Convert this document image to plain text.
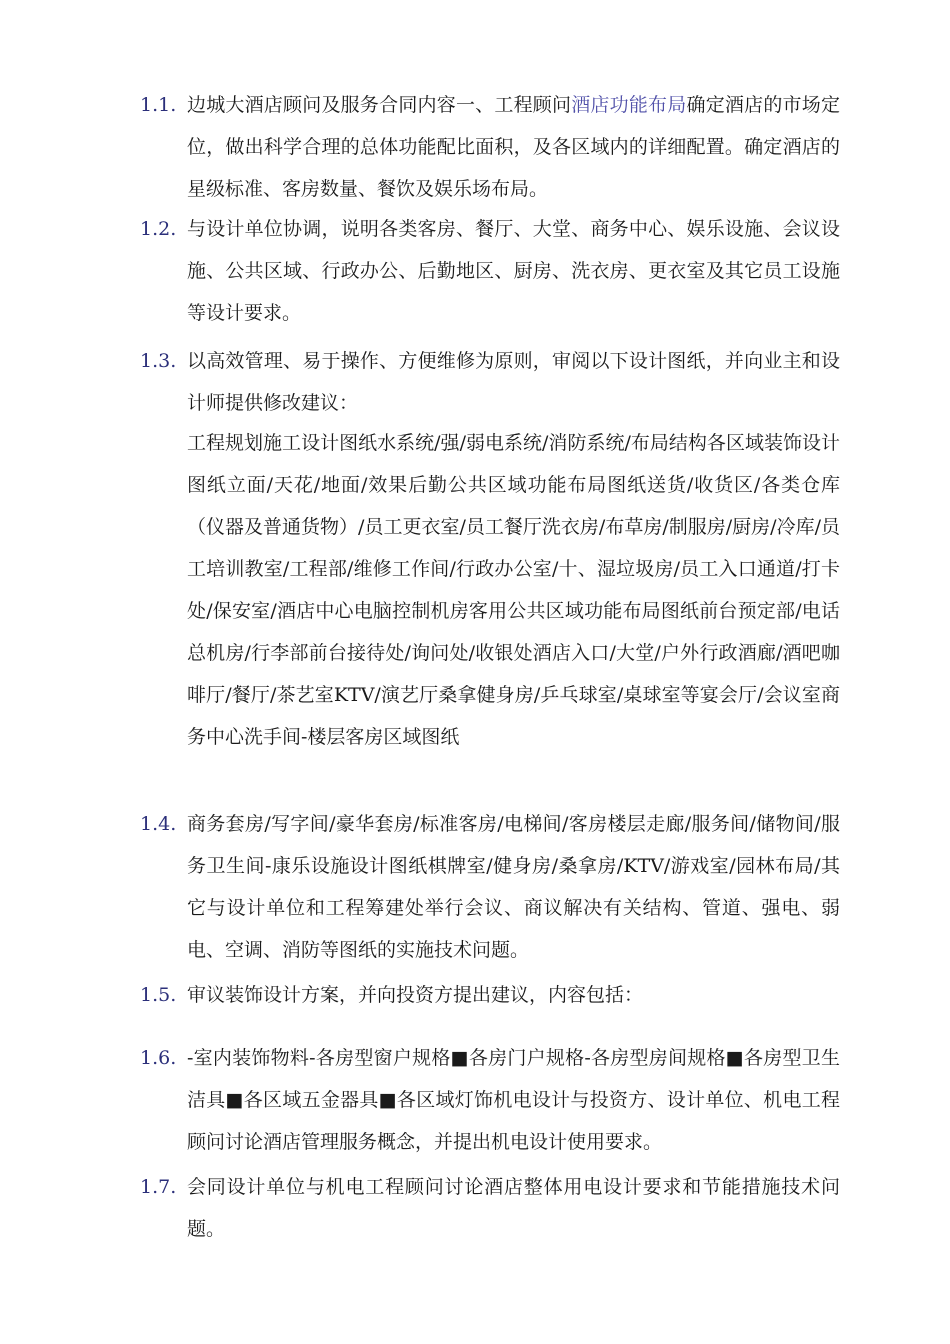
1.1. 边城大酒店顾问及服务合同内容一、工程顾问酒店功能布局确定酒店的市场定位，做出科学合理的总体功能配比面积，及各区域内的详细配置。确定酒店的星级标准、客房数量、餐饮及娱乐场布局。
1.2. 与设计单位协调，说明各类客房、餐厅、大堂、商务中心、娱乐设施、会议设施、公共区域、行政办公、后勤地区、厨房、洗衣房、更衣室及其它员工设施等设计要求。
1.3. 以高效管理、易于操作、方便维修为原则，审阅以下设计图纸，并向业主和设计师提供修改建议：
工程规划施工设计图纸水系统/强/弱电系统/消防系统/布局结构各区域装饰设计图纸立面/天花/地面/效果后勤公共区域功能布局图纸送货/收货区/各类仓库（仪器及普通货物）/员工更衣室/员工餐厅洗衣房/布草房/制服房/厨房/冷库/员工培训教室/工程部/维修工作间/行政办公室/十、湿垃圾房/员工入口通道/打卡处/保安室/酒店中心电脑控制机房客用公共区域功能布局图纸前台预定部/电话总机房/行李部前台接待处/询问处/收银处酒店入口/大堂/户外行政酒廊/酒吧咖啡厅/餐厅/茶艺室KTV/演艺厅桑拿健身房/乒乓球室/桌球室等宴会厅/会议室商务中心洗手间-楼层客房区域图纸
1.4. 商务套房/写字间/豪华套房/标准客房/电梯间/客房楼层走廊/服务间/储物间/服务卫生间-康乐设施设计图纸棋牌室/健身房/桑拿房/KTV/游戏室/园林布局/其它与设计单位和工程筹建处举行会议、商议解决有关结构、管道、强电、弱电、空调、消防等图纸的实施技术问题。
1.5. 审议装饰设计方案，并向投资方提出建议，内容包括：
1.6. -室内装饰物料-各房型窗户规格■各房门户规格-各房型房间规格■各房型卫生洁具■各区域五金器具■各区域灯饰机电设计与投资方、设计单位、机电工程顾问讨论酒店管理服务概念，并提出机电设计使用要求。
1.7. 会同设计单位与机电工程顾问讨论酒店整体用电设计要求和节能措施技术问题。
